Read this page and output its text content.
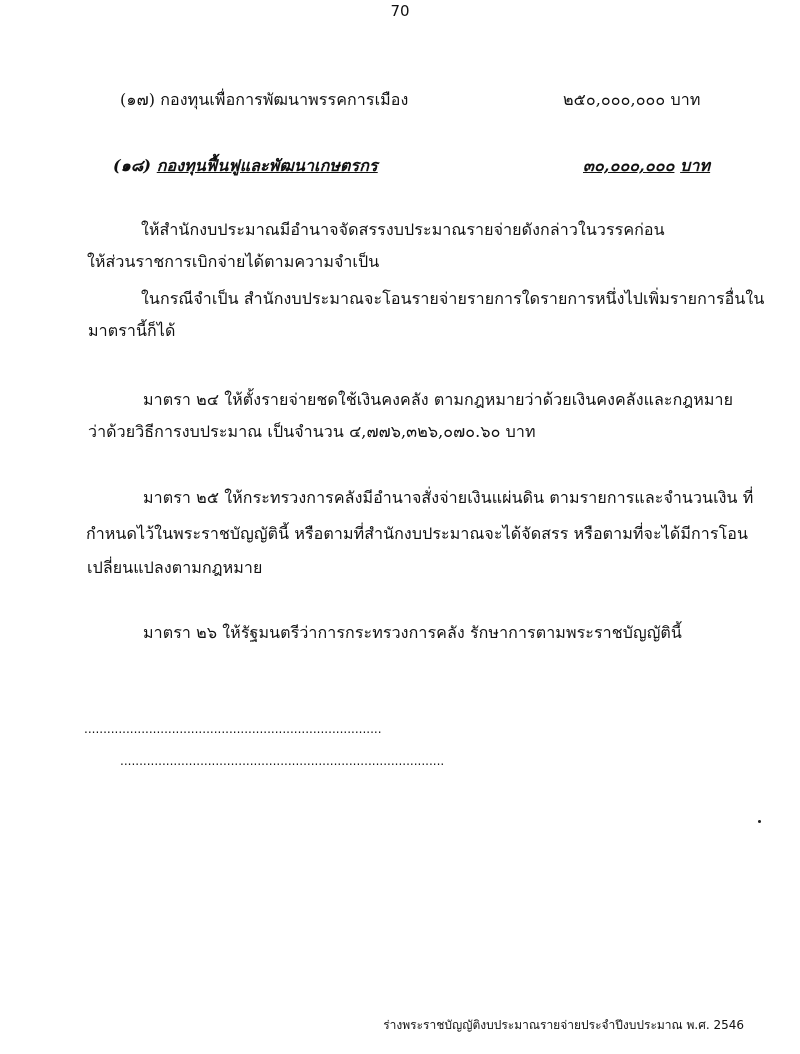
70
(๑๗) กองทุนเพื่อการพัฒนาพรรคการเมือง	๒๕๐,๐๐๐,๐๐๐ บาท
(๑๘) กองทุนฟื้นฟูและพัฒนาเกษตรกร	๓๐,๐๐๐,๐๐๐ บาท
ให้สำนักงบประมาณมีอำนาจจัดสรรงบประมาณรายจ่ายดังกล่าวในวรรคก่อน
ให้ส่วนราชการเบิกจ่ายได้ตามความจำเป็น
ในกรณีจำเป็น สำนักงบประมาณจะโอนรายจ่ายรายการใดรายการหนึ่งไปเพิ่มรายการอื่นใน
มาตรานี้ก็ได้
มาตรา ๒๔ ให้ตั้งรายจ่ายชดใช้เงินคงคลัง ตามกฎหมายว่าด้วยเงินคงคลังและกฎหมาย
ว่าด้วยวิธีการงบประมาณ เป็นจำนวน ๔,๗๗๖,๓๒๖,๐๗๐.๖๐ บาท
มาตรา ๒๕ ให้กระทรวงการคลังมีอำนาจสั่งจ่ายเงินแผ่นดิน ตามรายการและจำนวนเงิน ที่
กำหนดไว้ในพระราชบัญญัตินี้ หรือตามที่สำนักงบประมาณจะได้จัดสรร หรือตามที่จะได้มีการโอน
เปลี่ยนแปลงตามกฎหมาย
มาตรา ๒๖ ให้รัฐมนตรีว่าการกระทรวงการคลัง รักษาการตามพระราชบัญญัตินี้
..............................................................................
.....................................................................................
ร่างพระราชบัญญัติงบประมาณรายจ่ายประจำปีงบประมาณ พ.ศ. 2546
